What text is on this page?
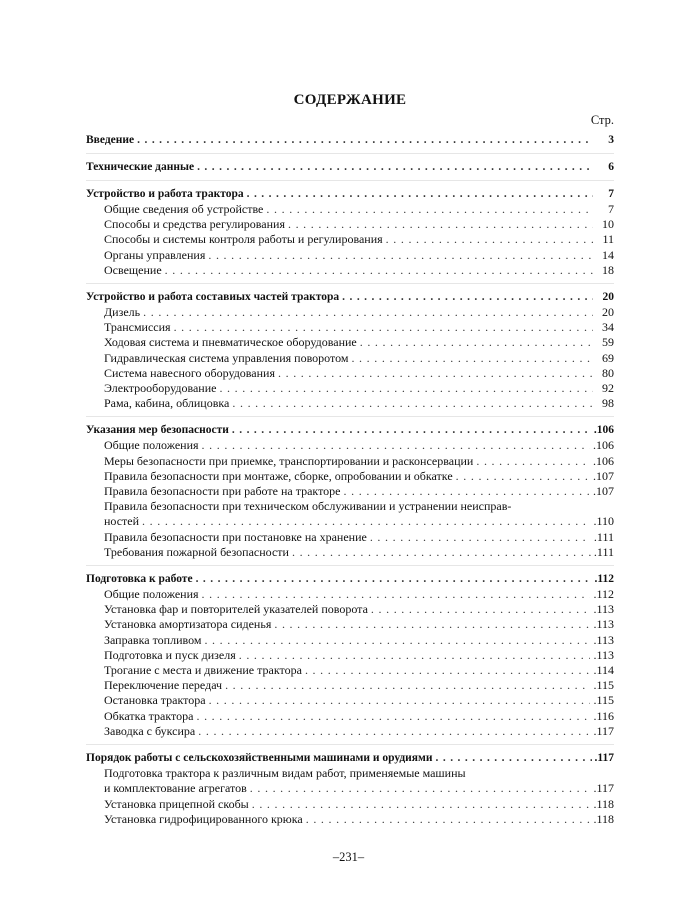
СОДЕРЖАНИЕ
Стр.
Введение . . .	3
Технические данные . . .	6
Устройство и работа трактора . . .	7
Общие сведения об устройстве . . .	7
Способы и средства регулирования . . .	10
Способы и системы контроля работы и регулирования . . .	11
Органы управления . . .	14
Освещение . . .	18
Устройство и работа составиых частей трактора . . .	20
Дизель . . .	20
Трансмиссия . . .	34
Ходовая система и пневматическое оборудование . . .	59
Гидравлическая система управления поворотом . . .	69
Система навесного оборудования . . .	80
Электрооборудование . . .	92
Рама, кабина, облицовка . . .	98
Указания мер безопасности . . .	.106
Общие положения . . .	.106
Меры безопасности при приемке, транспортировании и расконсервации . . .	.106
Правила безопасности при монтаже, сборке, опробовании и обкатке . . .	.107
Правила безопасности при работе на тракторе . . .	.107
Правила безопасности при техническом обслуживании и устранении неисправ-
ностей . . .	.110
Правила безопасности при постановке на хранение . . .	.111
Требования пожарной безопасности . . .	.111
Подготовка к работе . . .	.112
Общие положения . . .	.112
Установка фар и повторителей указателей поворота . . .	.113
Установка амортизатора сиденья . . .	.113
Заправка топливом . . .	.113
Подготовка и пуск дизеля . . .	.113
Трогание с места и движение трактора . . .	.114
Переключение передач . . .	.115
Остановка трактора . . .	.115
Обкатка трактора . . .	.116
Заводка с буксира . . .	.117
Порядок работы с сельскохозяйственными машинами и орудиями . . .	.117
Подготовка трактора к различным видам работ, применяемые машины
и комплектование агрегатов . . .	.117
Установка прицепной скобы . . .	.118
Установка гидрофицированного крюка . . .	.118
–231–
